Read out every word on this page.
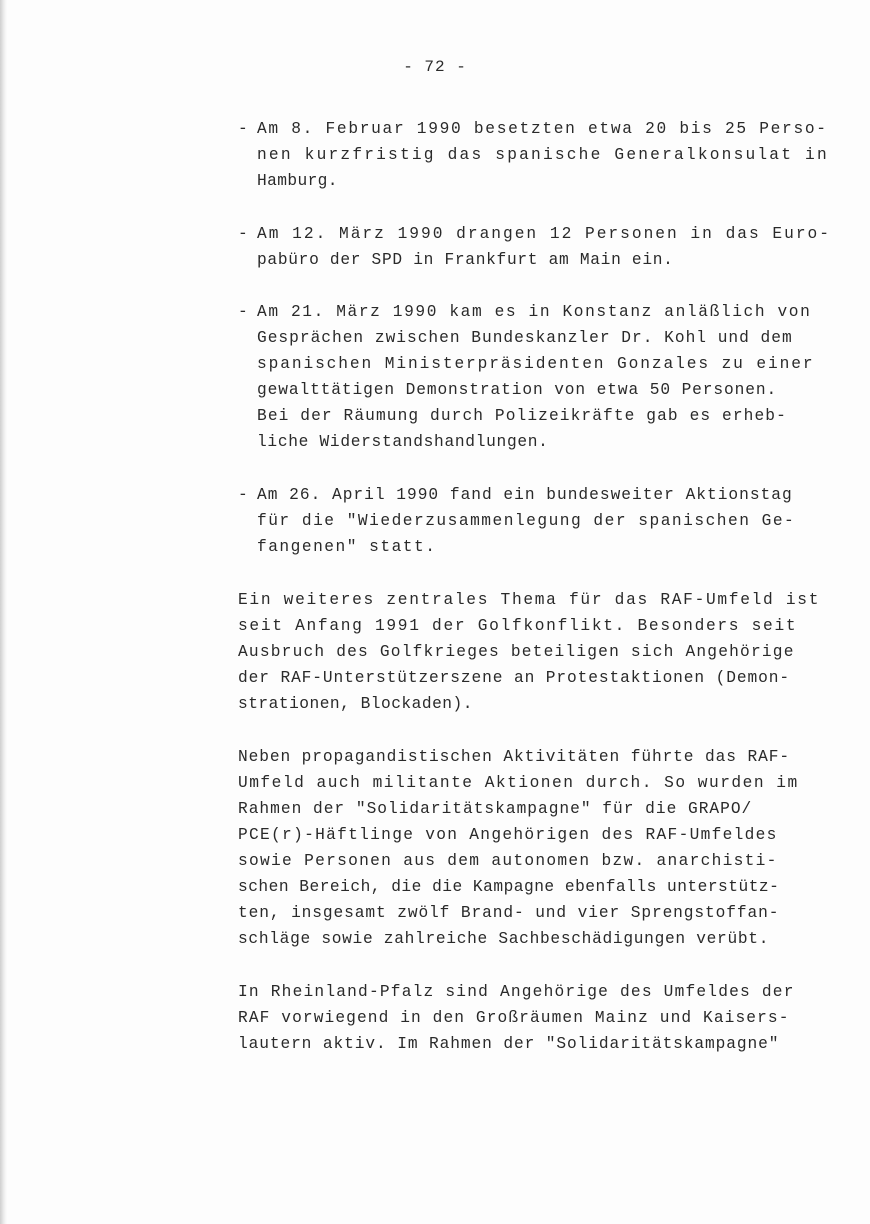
- 72 -
- Am 8. Februar 1990 besetzten etwa 20 bis 25 Perso-
nen kurzfristig das spanische Generalkonsulat in
Hamburg.
- Am 12. März 1990 drangen 12 Personen in das Euro-
pabüro der SPD in Frankfurt am Main ein.
- Am 21. März 1990 kam es in Konstanz anläßlich von
Gesprächen zwischen Bundeskanzler Dr. Kohl und dem
spanischen Ministerpräsidenten Gonzales zu einer
gewalttätigen Demonstration von etwa 50 Personen.
Bei der Räumung durch Polizeikräfte gab es erheb-
liche Widerstandshandlungen.
- Am 26. April 1990 fand ein bundesweiter Aktionstag
für die "Wiederzusammenlegung der spanischen Ge-
fangenen" statt.
Ein weiteres zentrales Thema für das RAF-Umfeld ist
seit Anfang 1991 der Golfkonflikt. Besonders seit
Ausbruch des Golfkrieges beteiligen sich Angehörige
der RAF-Unterstützerszene an Protestaktionen (Demon-
strationen, Blockaden).
Neben propagandistischen Aktivitäten führte das RAF-
Umfeld auch militante Aktionen durch. So wurden im
Rahmen der "Solidaritätskampagne" für die GRAPO/
PCE(r)-Häftlinge von Angehörigen des RAF-Umfeldes
sowie Personen aus dem autonomen bzw. anarchisti-
schen Bereich, die die Kampagne ebenfalls unterstütz-
ten, insgesamt zwölf Brand- und vier Sprengstoffan-
schläge sowie zahlreiche Sachbeschädigungen verübt.
In Rheinland-Pfalz sind Angehörige des Umfeldes der
RAF vorwiegend in den Großräumen Mainz und Kaisers-
lautern aktiv. Im Rahmen der "Solidaritätskampagne"
